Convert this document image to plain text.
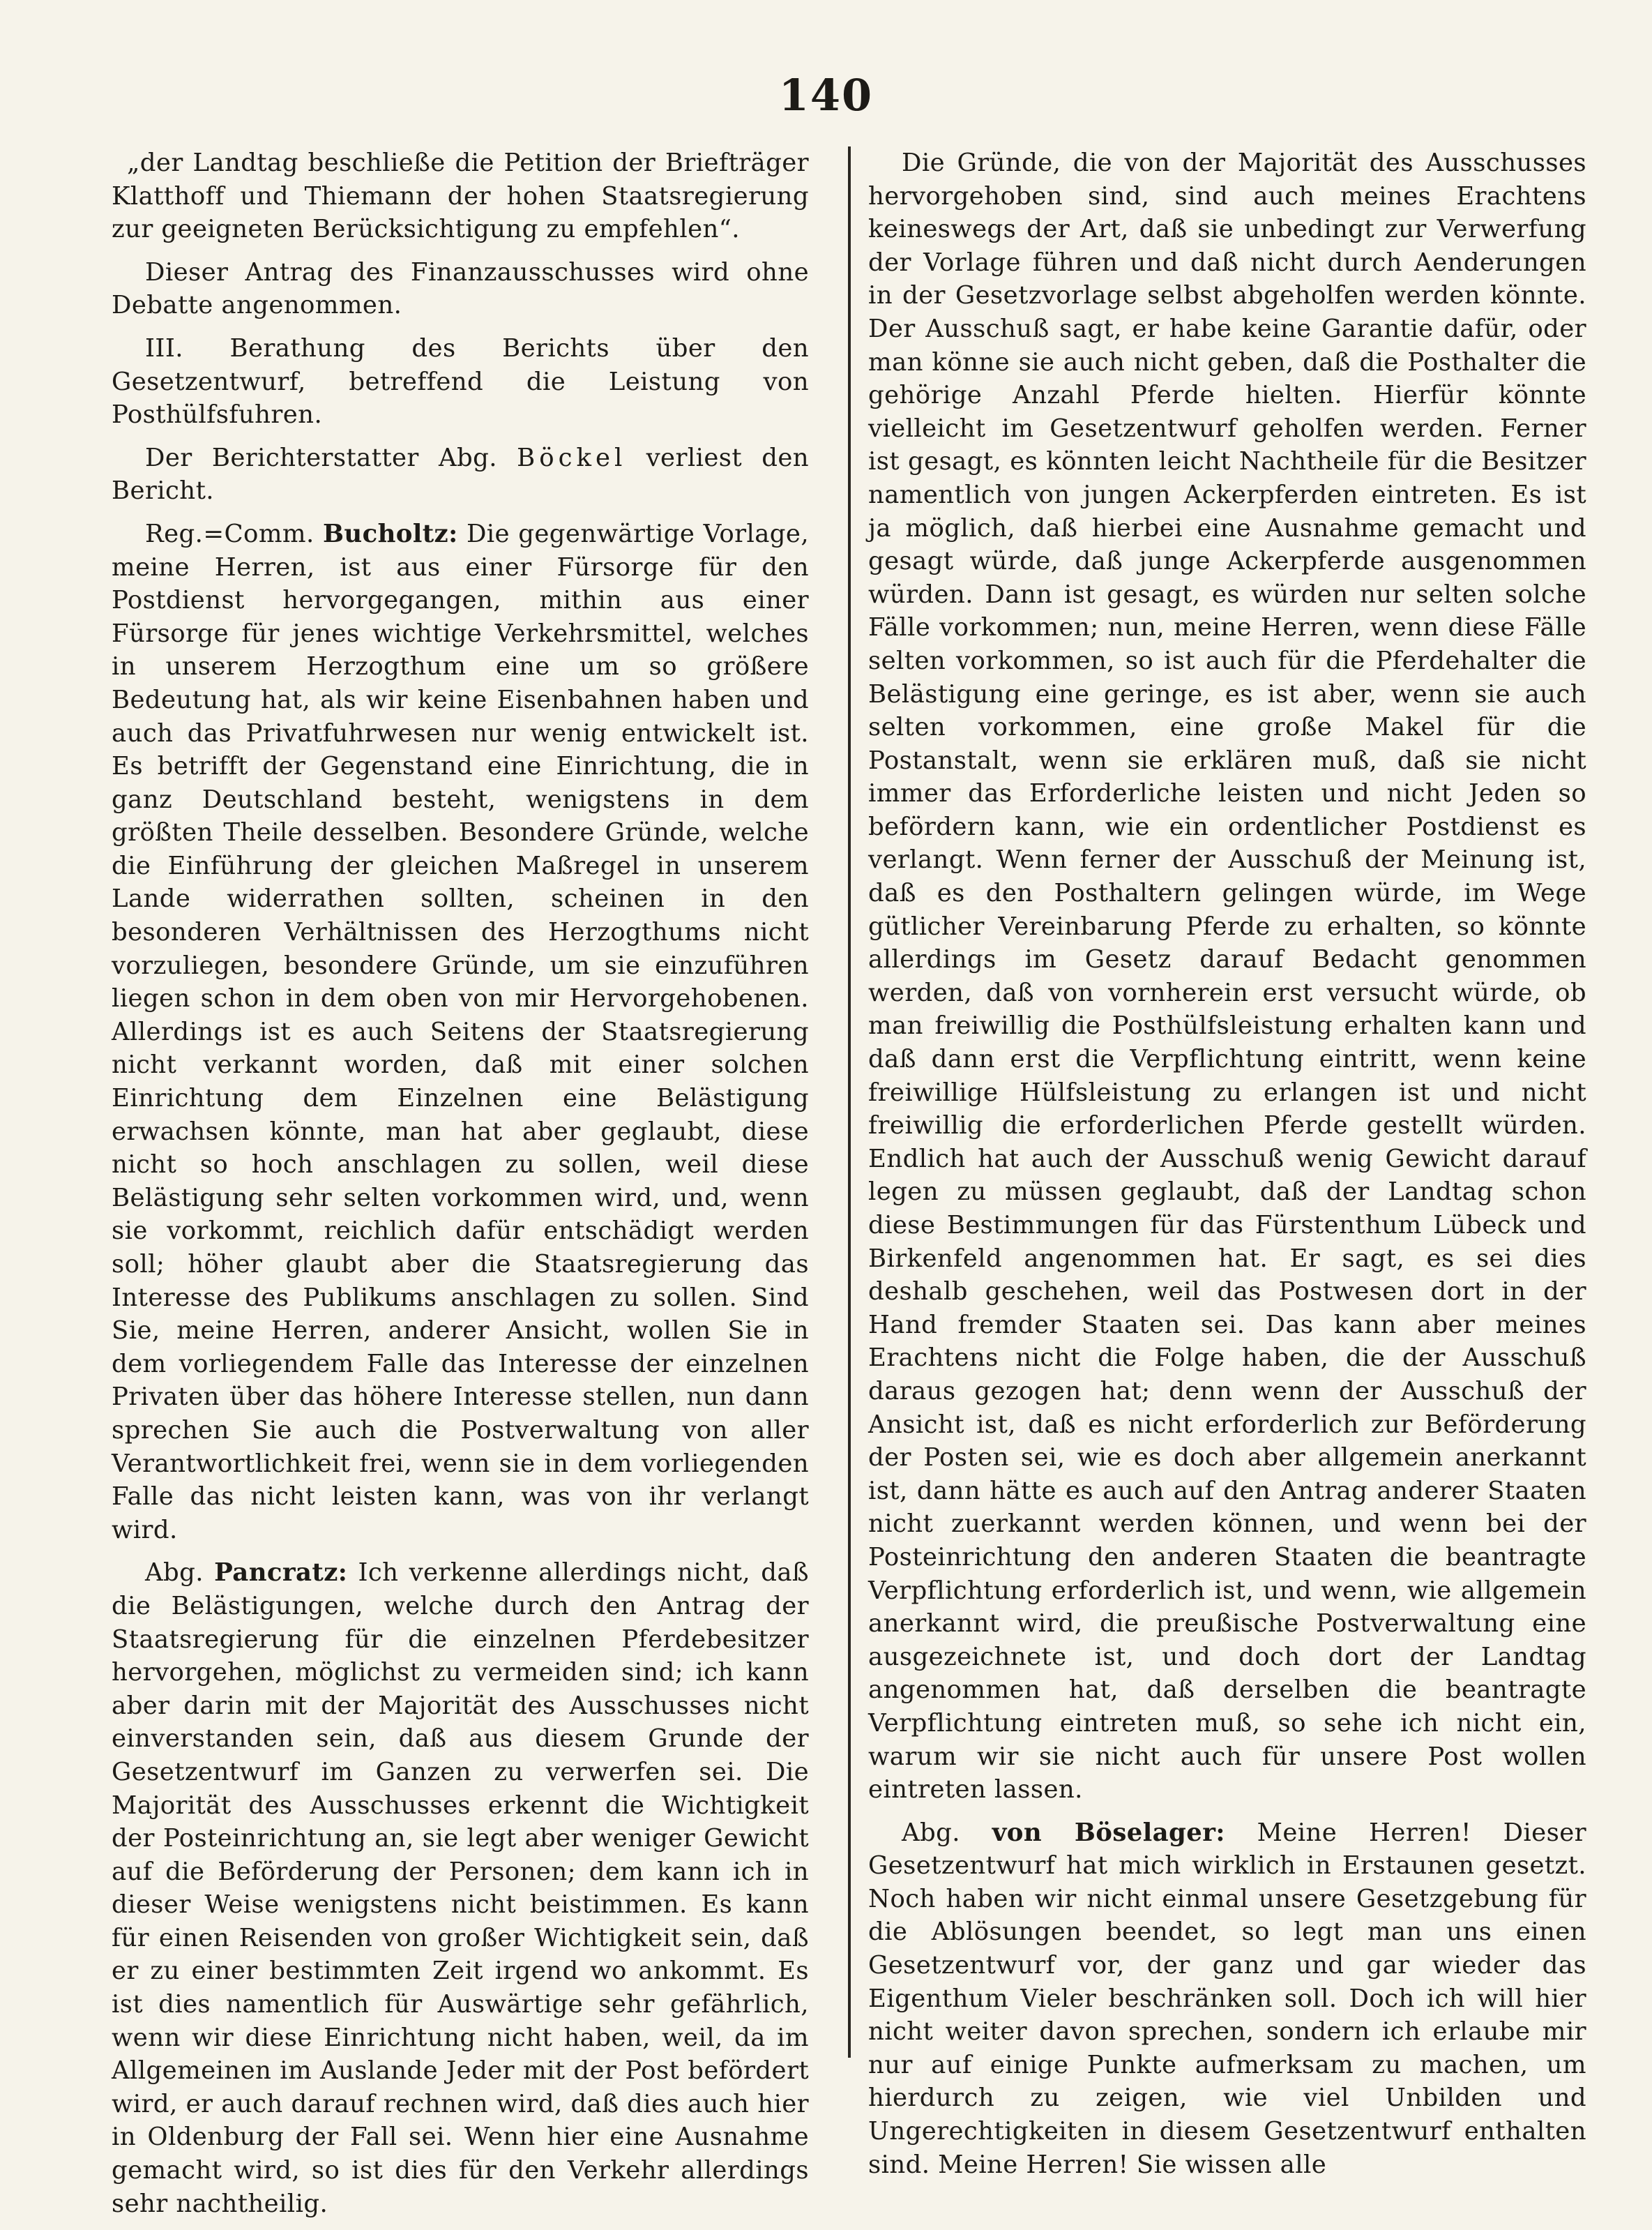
140

„der Landtag beschließe die Petition der Briefträger Klatthoff und Thiemann der hohen Staatsregierung zur geeigneten Berücksichtigung zu empfehlen“.

Dieser Antrag des Finanzausschusses wird ohne Debatte angenommen.

III. Berathung des Berichts über den Gesetzentwurf, betreffend die Leistung von Posthülfsfuhren.

Der Berichterstatter Abg. Böckel verliest den Bericht.

Reg.=Comm. Bucholtz: Die gegenwärtige Vorlage, meine Herren, ist aus einer Fürsorge für den Postdienst hervorgegangen, mithin aus einer Fürsorge für jenes wichtige Verkehrsmittel, welches in unserem Herzogthum eine um so größere Bedeutung hat, als wir keine Eisenbahnen haben und auch das Privatfuhrwesen nur wenig entwickelt ist. Es betrifft der Gegenstand eine Einrichtung, die in ganz Deutschland besteht, wenigstens in dem größten Theile desselben. Besondere Gründe, welche die Einführung der gleichen Maßregel in unserem Lande widerrathen sollten, scheinen in den besonderen Verhältnissen des Herzogthums nicht vorzuliegen, besondere Gründe, um sie einzuführen liegen schon in dem oben von mir Hervorgehobenen. Allerdings ist es auch Seitens der Staatsregierung nicht verkannt worden, daß mit einer solchen Einrichtung dem Einzelnen eine Belästigung erwachsen könnte, man hat aber geglaubt, diese nicht so hoch anschlagen zu sollen, weil diese Belästigung sehr selten vorkommen wird, und, wenn sie vorkommt, reichlich dafür entschädigt werden soll; höher glaubt aber die Staatsregierung das Interesse des Publikums anschlagen zu sollen. Sind Sie, meine Herren, anderer Ansicht, wollen Sie in dem vorliegendem Falle das Interesse der einzelnen Privaten über das höhere Interesse stellen, nun dann sprechen Sie auch die Postverwaltung von aller Verantwortlichkeit frei, wenn sie in dem vorliegenden Falle das nicht leisten kann, was von ihr verlangt wird.

Abg. Pancratz: Ich verkenne allerdings nicht, daß die Belästigungen, welche durch den Antrag der Staatsregierung für die einzelnen Pferdebesitzer hervorgehen, möglichst zu vermeiden sind; ich kann aber darin mit der Majorität des Ausschusses nicht einverstanden sein, daß aus diesem Grunde der Gesetzentwurf im Ganzen zu verwerfen sei. Die Majorität des Ausschusses erkennt die Wichtigkeit der Posteinrichtung an, sie legt aber weniger Gewicht auf die Beförderung der Personen; dem kann ich in dieser Weise wenigstens nicht beistimmen. Es kann für einen Reisenden von großer Wichtigkeit sein, daß er zu einer bestimmten Zeit irgend wo ankommt. Es ist dies namentlich für Auswärtige sehr gefährlich, wenn wir diese Einrichtung nicht haben, weil, da im Allgemeinen im Auslande Jeder mit der Post befördert wird, er auch darauf rechnen wird, daß dies auch hier in Oldenburg der Fall sei. Wenn hier eine Ausnahme gemacht wird, so ist dies für den Verkehr allerdings sehr nachtheilig.

Die Gründe, die von der Majorität des Ausschusses hervorgehoben sind, sind auch meines Erachtens keineswegs der Art, daß sie unbedingt zur Verwerfung der Vorlage führen und daß nicht durch Aenderungen in der Gesetzvorlage selbst abgeholfen werden könnte. Der Ausschuß sagt, er habe keine Garantie dafür, oder man könne sie auch nicht geben, daß die Posthalter die gehörige Anzahl Pferde hielten. Hierfür könnte vielleicht im Gesetzentwurf geholfen werden. Ferner ist gesagt, es könnten leicht Nachtheile für die Besitzer namentlich von jungen Ackerpferden eintreten. Es ist ja möglich, daß hierbei eine Ausnahme gemacht und gesagt würde, daß junge Ackerpferde ausgenommen würden. Dann ist gesagt, es würden nur selten solche Fälle vorkommen; nun, meine Herren, wenn diese Fälle selten vorkommen, so ist auch für die Pferdehalter die Belästigung eine geringe, es ist aber, wenn sie auch selten vorkommen, eine große Makel für die Postanstalt, wenn sie erklären muß, daß sie nicht immer das Erforderliche leisten und nicht Jeden so befördern kann, wie ein ordentlicher Postdienst es verlangt. Wenn ferner der Ausschuß der Meinung ist, daß es den Posthaltern gelingen würde, im Wege gütlicher Vereinbarung Pferde zu erhalten, so könnte allerdings im Gesetz darauf Bedacht genommen werden, daß von vornherein erst versucht würde, ob man freiwillig die Posthülfsleistung erhalten kann und daß dann erst die Verpflichtung eintritt, wenn keine freiwillige Hülfsleistung zu erlangen ist und nicht freiwillig die erforderlichen Pferde gestellt würden. Endlich hat auch der Ausschuß wenig Gewicht darauf legen zu müssen geglaubt, daß der Landtag schon diese Bestimmungen für das Fürstenthum Lübeck und Birkenfeld angenommen hat. Er sagt, es sei dies deshalb geschehen, weil das Postwesen dort in der Hand fremder Staaten sei. Das kann aber meines Erachtens nicht die Folge haben, die der Ausschuß daraus gezogen hat; denn wenn der Ausschuß der Ansicht ist, daß es nicht erforderlich zur Beförderung der Posten sei, wie es doch aber allgemein anerkannt ist, dann hätte es auch auf den Antrag anderer Staaten nicht zuerkannt werden können, und wenn bei der Posteinrichtung den anderen Staaten die beantragte Verpflichtung erforderlich ist, und wenn, wie allgemein anerkannt wird, die preußische Postverwaltung eine ausgezeichnete ist, und doch dort der Landtag angenommen hat, daß derselben die beantragte Verpflichtung eintreten muß, so sehe ich nicht ein, warum wir sie nicht auch für unsere Post wollen eintreten lassen.

Abg. von Böselager: Meine Herren! Dieser Gesetzentwurf hat mich wirklich in Erstaunen gesetzt. Noch haben wir nicht einmal unsere Gesetzgebung für die Ablösungen beendet, so legt man uns einen Gesetzentwurf vor, der ganz und gar wieder das Eigenthum Vieler beschränken soll. Doch ich will hier nicht weiter davon sprechen, sondern ich erlaube mir nur auf einige Punkte aufmerksam zu machen, um hierdurch zu zeigen, wie viel Unbilden und Ungerechtigkeiten in diesem Gesetzentwurf enthalten sind. Meine Herren! Sie wissen alle
